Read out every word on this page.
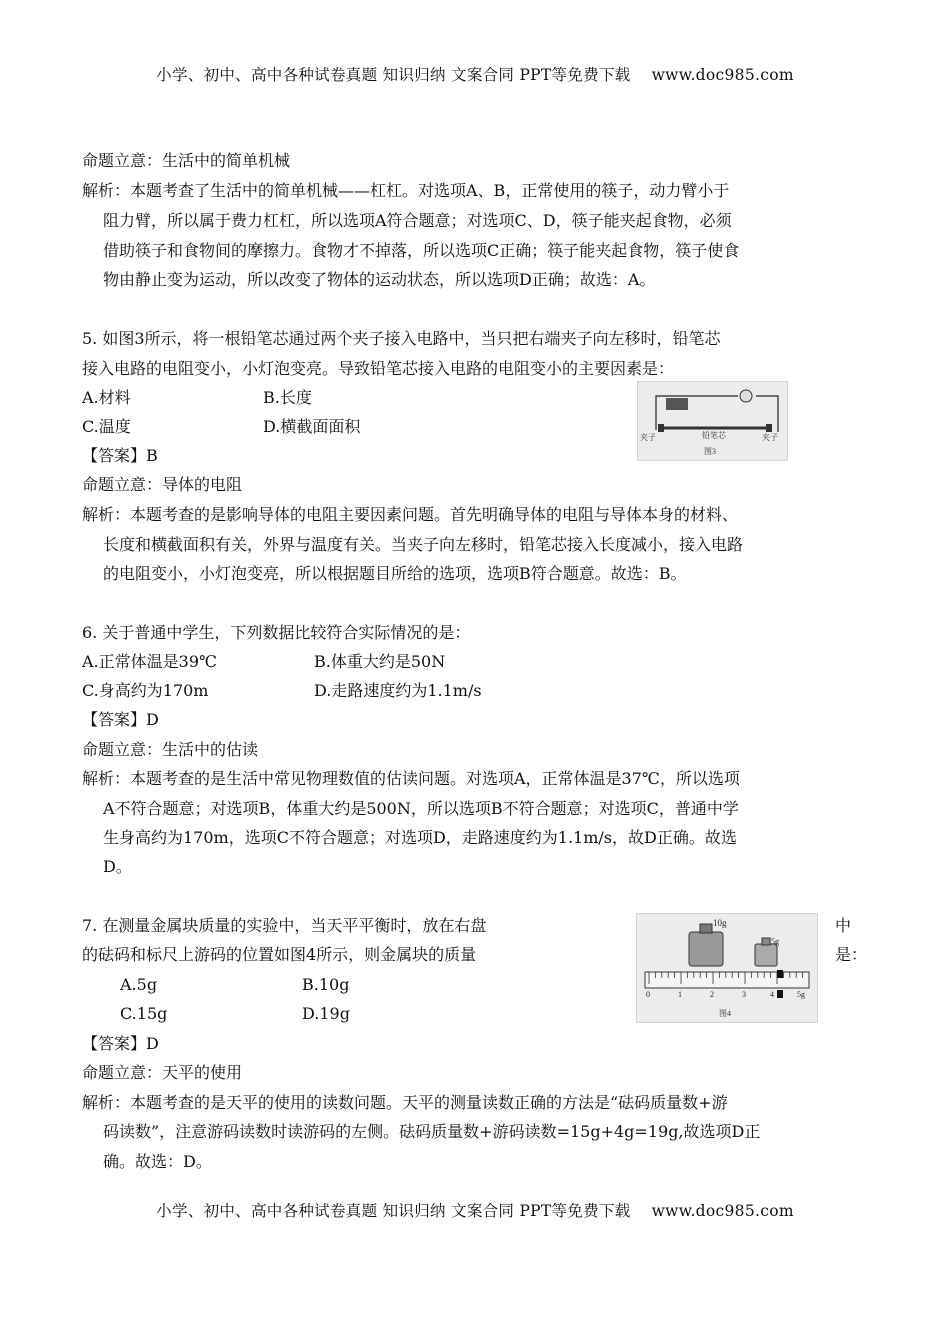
小学、初中、高中各种试卷真题 知识归纳 文案合同 PPT等免费下载　 www.doc985.com
命题立意：生活中的简单机械
解析：本题考查了生活中的简单机械——杠杠。对选项A、B，正常使用的筷子，动力臂小于
阻力臂，所以属于费力杠杠，所以选项A符合题意；对选项C、D，筷子能夹起食物，必须
借助筷子和食物间的摩擦力。食物才不掉落，所以选项C正确；筷子能夹起食物，筷子使食
物由静止变为运动，所以改变了物体的运动状态，所以选项D正确；故选：A。
5. 如图3所示，将一根铅笔芯通过两个夹子接入电路中，当只把右端夹子向左移时，铅笔芯
接入电路的电阻变小，小灯泡变亮。导致铅笔芯接入电路的电阻变小的主要因素是：
A.材料	B.长度
C.温度	D.横截面面积
【答案】B
命题立意：导体的电阻
解析：本题考查的是影响导体的电阻主要因素问题。首先明确导体的电阻与导体本身的材料、
长度和横截面积有关，外界与温度有关。当夹子向左移时，铅笔芯接入长度减小，接入电路
的电阻变小，小灯泡变亮，所以根据题目所给的选项，选项B符合题意。故选：B。
夹子	铅笔芯	夹子
图3
6. 关于普通中学生，下列数据比较符合实际情况的是：
A.正常体温是39℃	B.体重大约是50N
C.身高约为170m	D.走路速度约为1.1m/s
【答案】D
命题立意：生活中的估读
解析：本题考查的是生活中常见物理数值的估读问题。对选项A，正常体温是37℃，所以选项
A不符合题意；对选项B，体重大约是500N，所以选项B不符合题意；对选项C，普通中学
生身高约为170m，选项C不符合题意；对选项D，走路速度约为1.1m/s，故D正确。故选
D。
7. 在测量金属块质量的实验中，当天平平衡时，放在右盘	中
的砝码和标尺上游码的位置如图4所示，则金属块的质量	是：
A.5g	B.10g
C.15g	D.19g
【答案】D
命题立意：天平的使用
解析：本题考查的是天平的使用的读数问题。天平的测量读数正确的方法是“砝码质量数+游
码读数”，注意游码读数时读游码的左侧。砝码质量数+游码读数=15g+4g=19g,故选项D正
确。故选：D。
10g
5g
0	1	2	3	4	5g
图4
小学、初中、高中各种试卷真题 知识归纳 文案合同 PPT等免费下载　 www.doc985.com
